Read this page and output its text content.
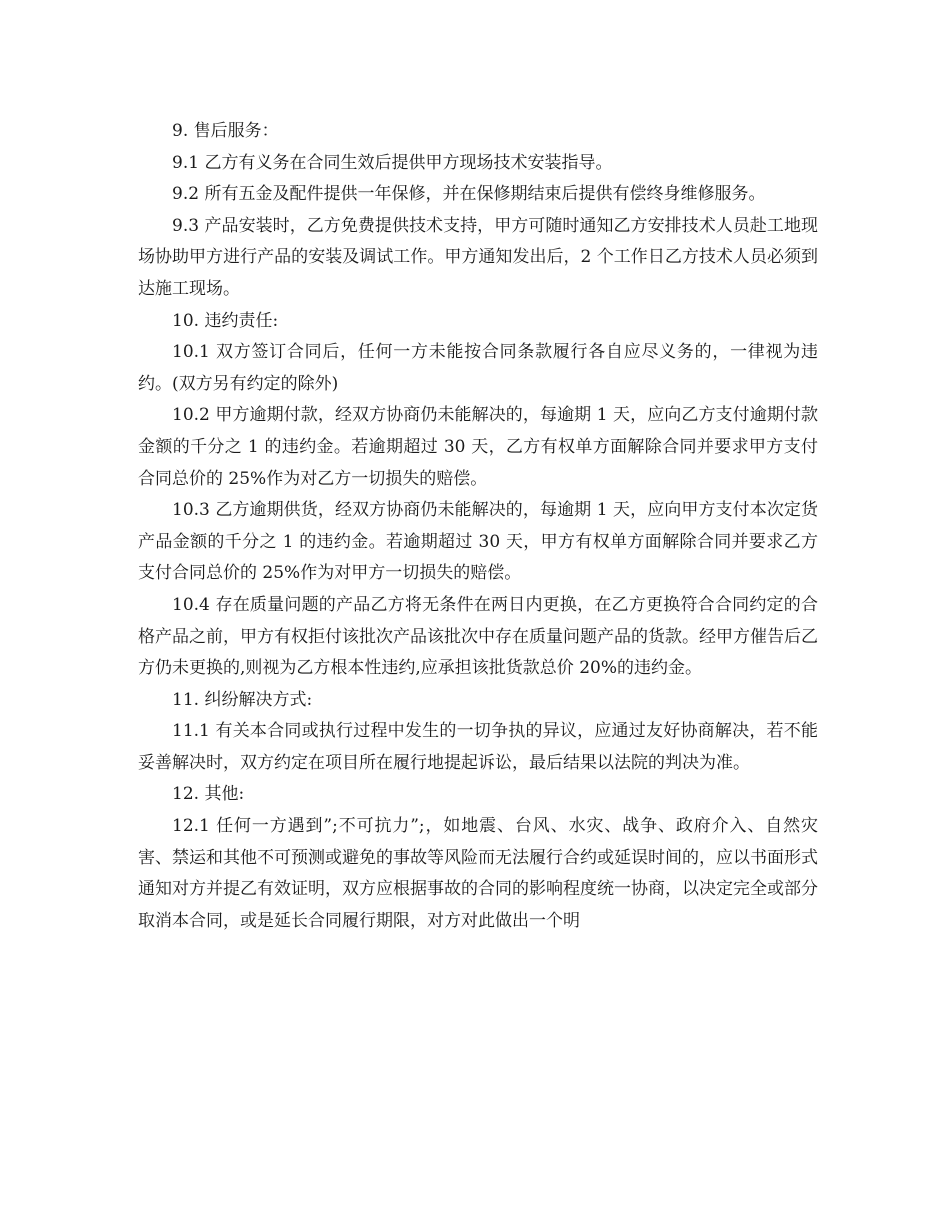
9. 售后服务：

9.1 乙方有义务在合同生效后提供甲方现场技术安装指导。

9.2 所有五金及配件提供一年保修，并在保修期结束后提供有偿终身维修服务。

9.3 产品安装时，乙方免费提供技术支持，甲方可随时通知乙方安排技术人员赴工地现场协助甲方进行产品的安装及调试工作。甲方通知发出后，2 个工作日乙方技术人员必须到达施工现场。

10. 违约责任:

10.1 双方签订合同后，任何一方未能按合同条款履行各自应尽义务的，一律视为违约。(双方另有约定的除外)

10.2 甲方逾期付款，经双方协商仍未能解决的，每逾期 1 天，应向乙方支付逾期付款金额的千分之 1 的违约金。若逾期超过 30 天，乙方有权单方面解除合同并要求甲方支付合同总价的 25%作为对乙方一切损失的赔偿。

10.3 乙方逾期供货，经双方协商仍未能解决的，每逾期 1 天，应向甲方支付本次定货产品金额的千分之 1 的违约金。若逾期超过 30 天，甲方有权单方面解除合同并要求乙方支付合同总价的 25%作为对甲方一切损失的赔偿。

10.4 存在质量问题的产品乙方将无条件在两日内更换，在乙方更换符合合同约定的合格产品之前，甲方有权拒付该批次产品该批次中存在质量问题产品的货款。经甲方催告后乙方仍未更换的,则视为乙方根本性违约,应承担该批货款总价 20%的违约金。

11. 纠纷解决方式:

11.1 有关本合同或执行过程中发生的一切争执的异议，应通过友好协商解决，若不能妥善解决时，双方约定在项目所在履行地提起诉讼，最后结果以法院的判决为准。

12. 其他:

12.1 任何一方遇到”;不可抗力”;，如地震、台风、水灾、战争、政府介入、自然灾害、禁运和其他不可预测或避免的事故等风险而无法履行合约或延误时间的，应以书面形式通知对方并提乙有效证明，双方应根据事故的合同的影响程度统一协商，以决定完全或部分取消本合同，或是延长合同履行期限，对方对此做出一个明
